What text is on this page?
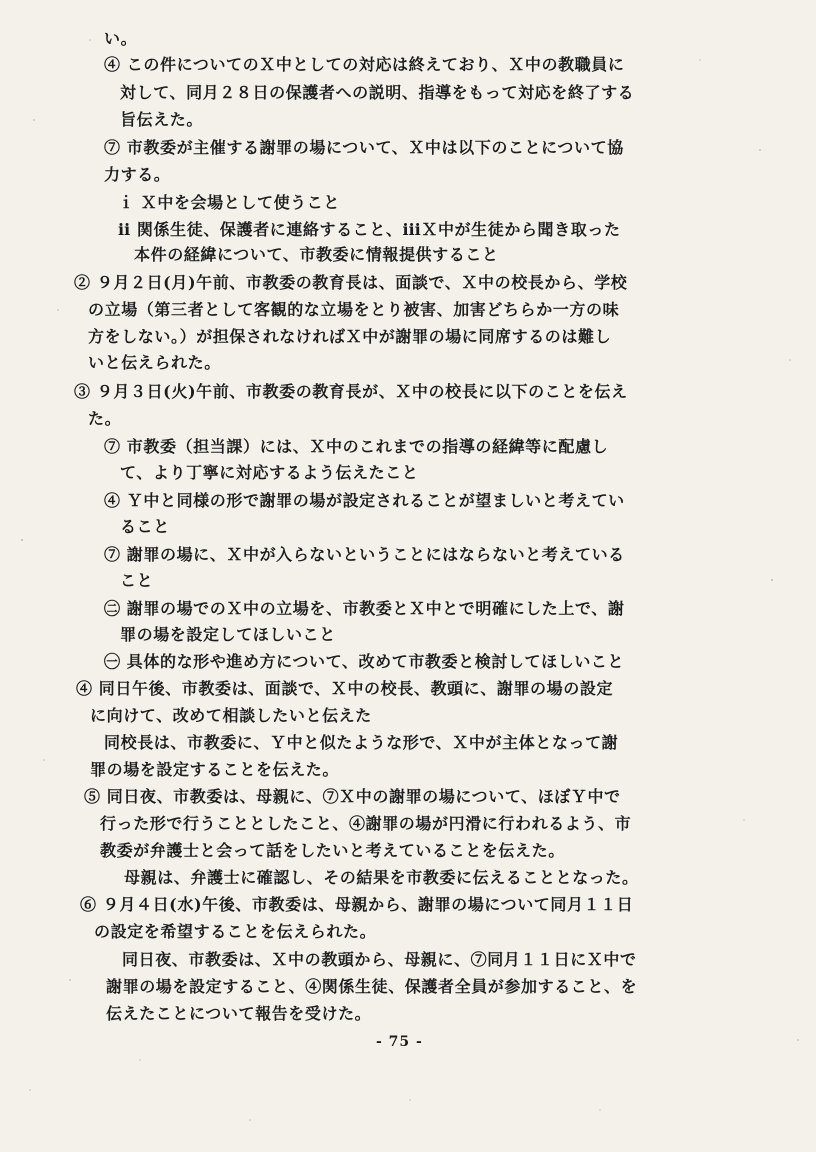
い。
④ この件についてのＸ中としての対応は終えており、Ｘ中の教職員に
対して、同月２８日の保護者への説明、指導をもって対応を終了する
旨伝えた。
⑦ 市教委が主催する謝罪の場について、Ｘ中は以下のことについて協
力する。
ｉ Ｘ中を会場として使うこと
ⅱ 関係生徒、保護者に連絡すること、ⅲＸ中が生徒から聞き取った
本件の経緯について、市教委に情報提供すること
② ９月２日(月)午前、市教委の教育長は、面談で、Ｘ中の校長から、学校
の立場（第三者として客観的な立場をとり被害、加害どちらか一方の味
方をしない。）が担保されなければＸ中が謝罪の場に同席するのは難し
いと伝えられた。
③ ９月３日(火)午前、市教委の教育長が、Ｘ中の校長に以下のことを伝え
た。
⑦ 市教委（担当課）には、Ｘ中のこれまでの指導の経緯等に配慮し
て、より丁寧に対応するよう伝えたこと
④ Ｙ中と同様の形で謝罪の場が設定されることが望ましいと考えてい
ること
⑦ 謝罪の場に、Ｘ中が入らないということにはならないと考えている
こと
㊁ 謝罪の場でのＸ中の立場を、市教委とＸ中とで明確にした上で、謝
罪の場を設定してほしいこと
㊀ 具体的な形や進め方について、改めて市教委と検討してほしいこと
④ 同日午後、市教委は、面談で、Ｘ中の校長、教頭に、謝罪の場の設定
に向けて、改めて相談したいと伝えた
同校長は、市教委に、Ｙ中と似たような形で、Ｘ中が主体となって謝
罪の場を設定することを伝えた。
⑤ 同日夜、市教委は、母親に、⑦Ｘ中の謝罪の場について、ほぼＹ中で
行った形で行うこととしたこと、④謝罪の場が円滑に行われるよう、市
教委が弁護士と会って話をしたいと考えていることを伝えた。
母親は、弁護士に確認し、その結果を市教委に伝えることとなった。
⑥ ９月４日(水)午後、市教委は、母親から、謝罪の場について同月１１日
の設定を希望することを伝えられた。
同日夜、市教委は、Ｘ中の教頭から、母親に、⑦同月１１日にＸ中で
謝罪の場を設定すること、④関係生徒、保護者全員が参加すること、を
伝えたことについて報告を受けた。
- 75 -
